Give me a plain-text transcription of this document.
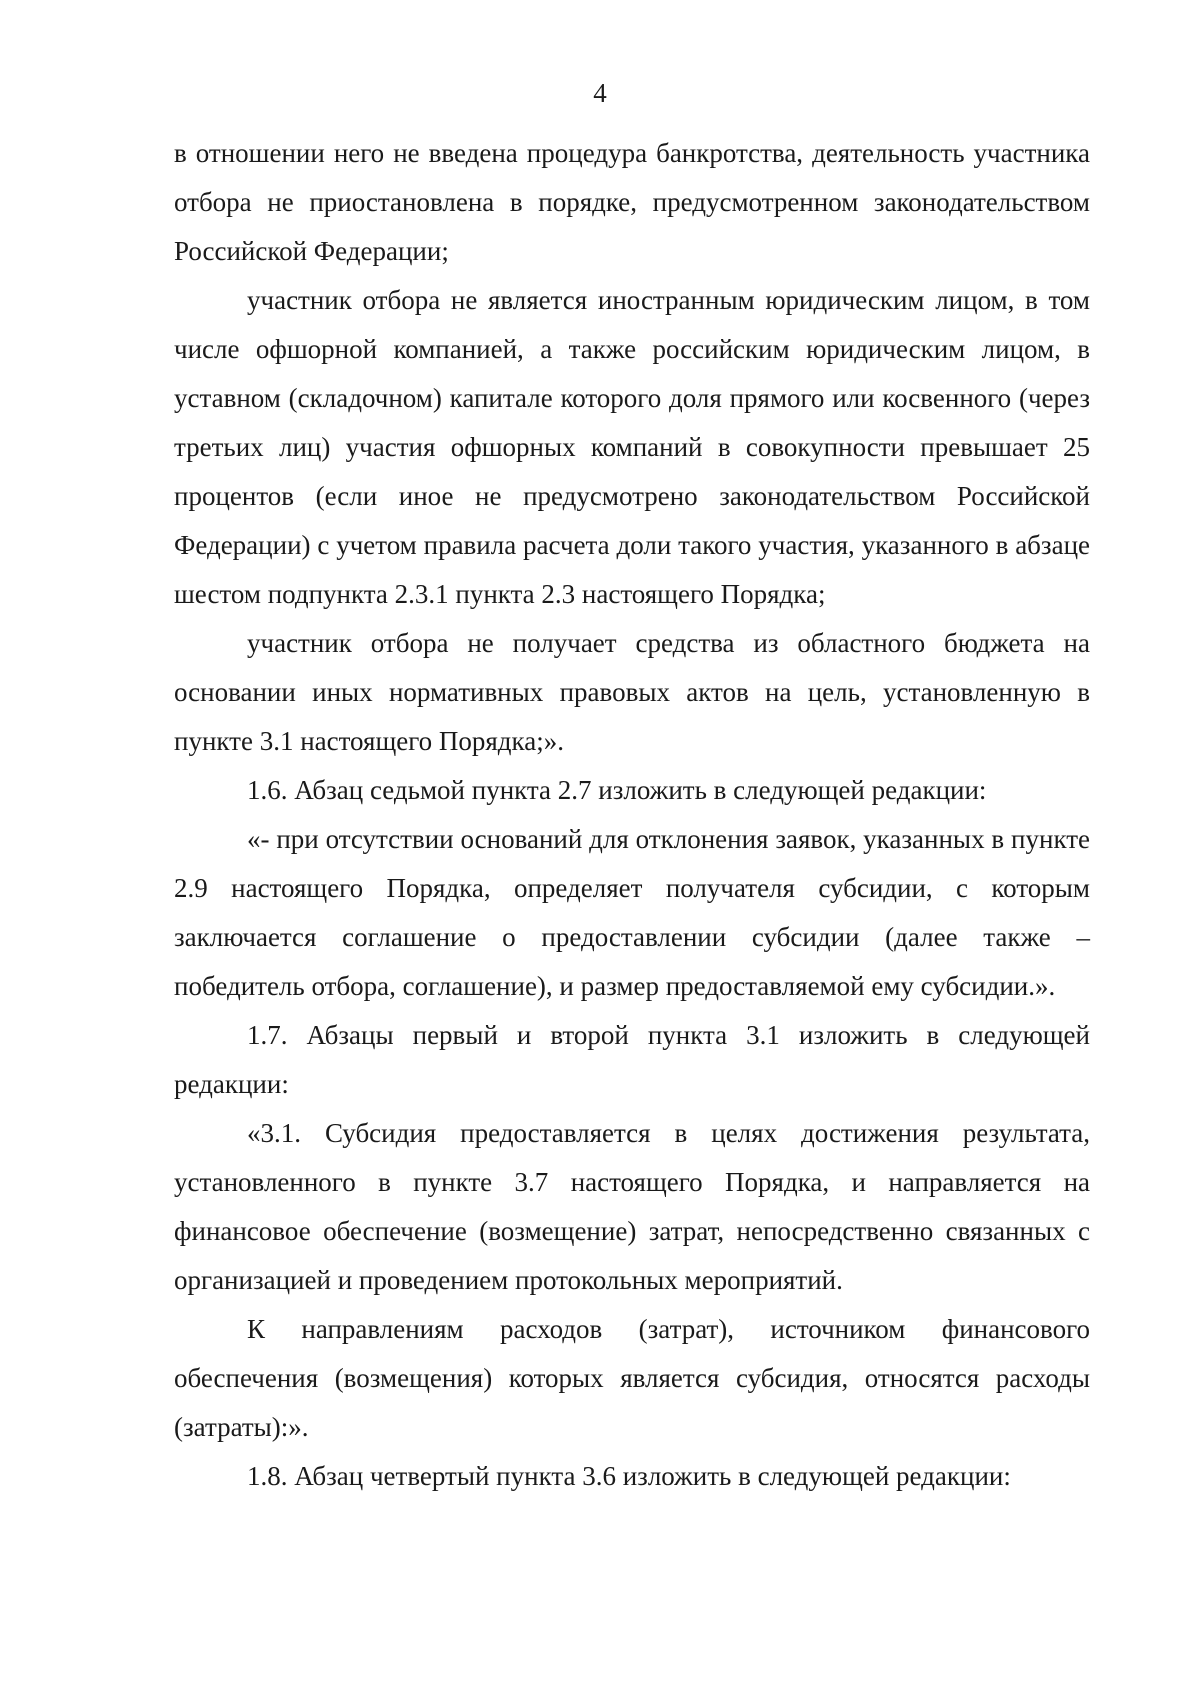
4

в отношении него не введена процедура банкротства, деятельность участника отбора не приостановлена в порядке, предусмотренном законодательством Российской Федерации;

участник отбора не является иностранным юридическим лицом, в том числе офшорной компанией, а также российским юридическим лицом, в уставном (складочном) капитале которого доля прямого или косвенного (через третьих лиц) участия офшорных компаний в совокупности превышает 25 процентов (если иное не предусмотрено законодательством Российской Федерации) с учетом правила расчета доли такого участия, указанного в абзаце шестом подпункта 2.3.1 пункта 2.3 настоящего Порядка;

участник отбора не получает средства из областного бюджета на основании иных нормативных правовых актов на цель, установленную в пункте 3.1 настоящего Порядка;».

1.6. Абзац седьмой пункта 2.7 изложить в следующей редакции:

«- при отсутствии оснований для отклонения заявок, указанных в пункте 2.9 настоящего Порядка, определяет получателя субсидии, с которым заключается соглашение о предоставлении субсидии (далее также – победитель отбора, соглашение), и размер предоставляемой ему субсидии.».

1.7. Абзацы первый и второй пункта 3.1 изложить в следующей редакции:

«3.1. Субсидия предоставляется в целях достижения результата, установленного в пункте 3.7 настоящего Порядка, и направляется на финансовое обеспечение (возмещение) затрат, непосредственно связанных с организацией и проведением протокольных мероприятий.

К направлениям расходов (затрат), источником финансового обеспечения (возмещения) которых является субсидия, относятся расходы (затраты):».

1.8. Абзац четвертый пункта 3.6 изложить в следующей редакции:
